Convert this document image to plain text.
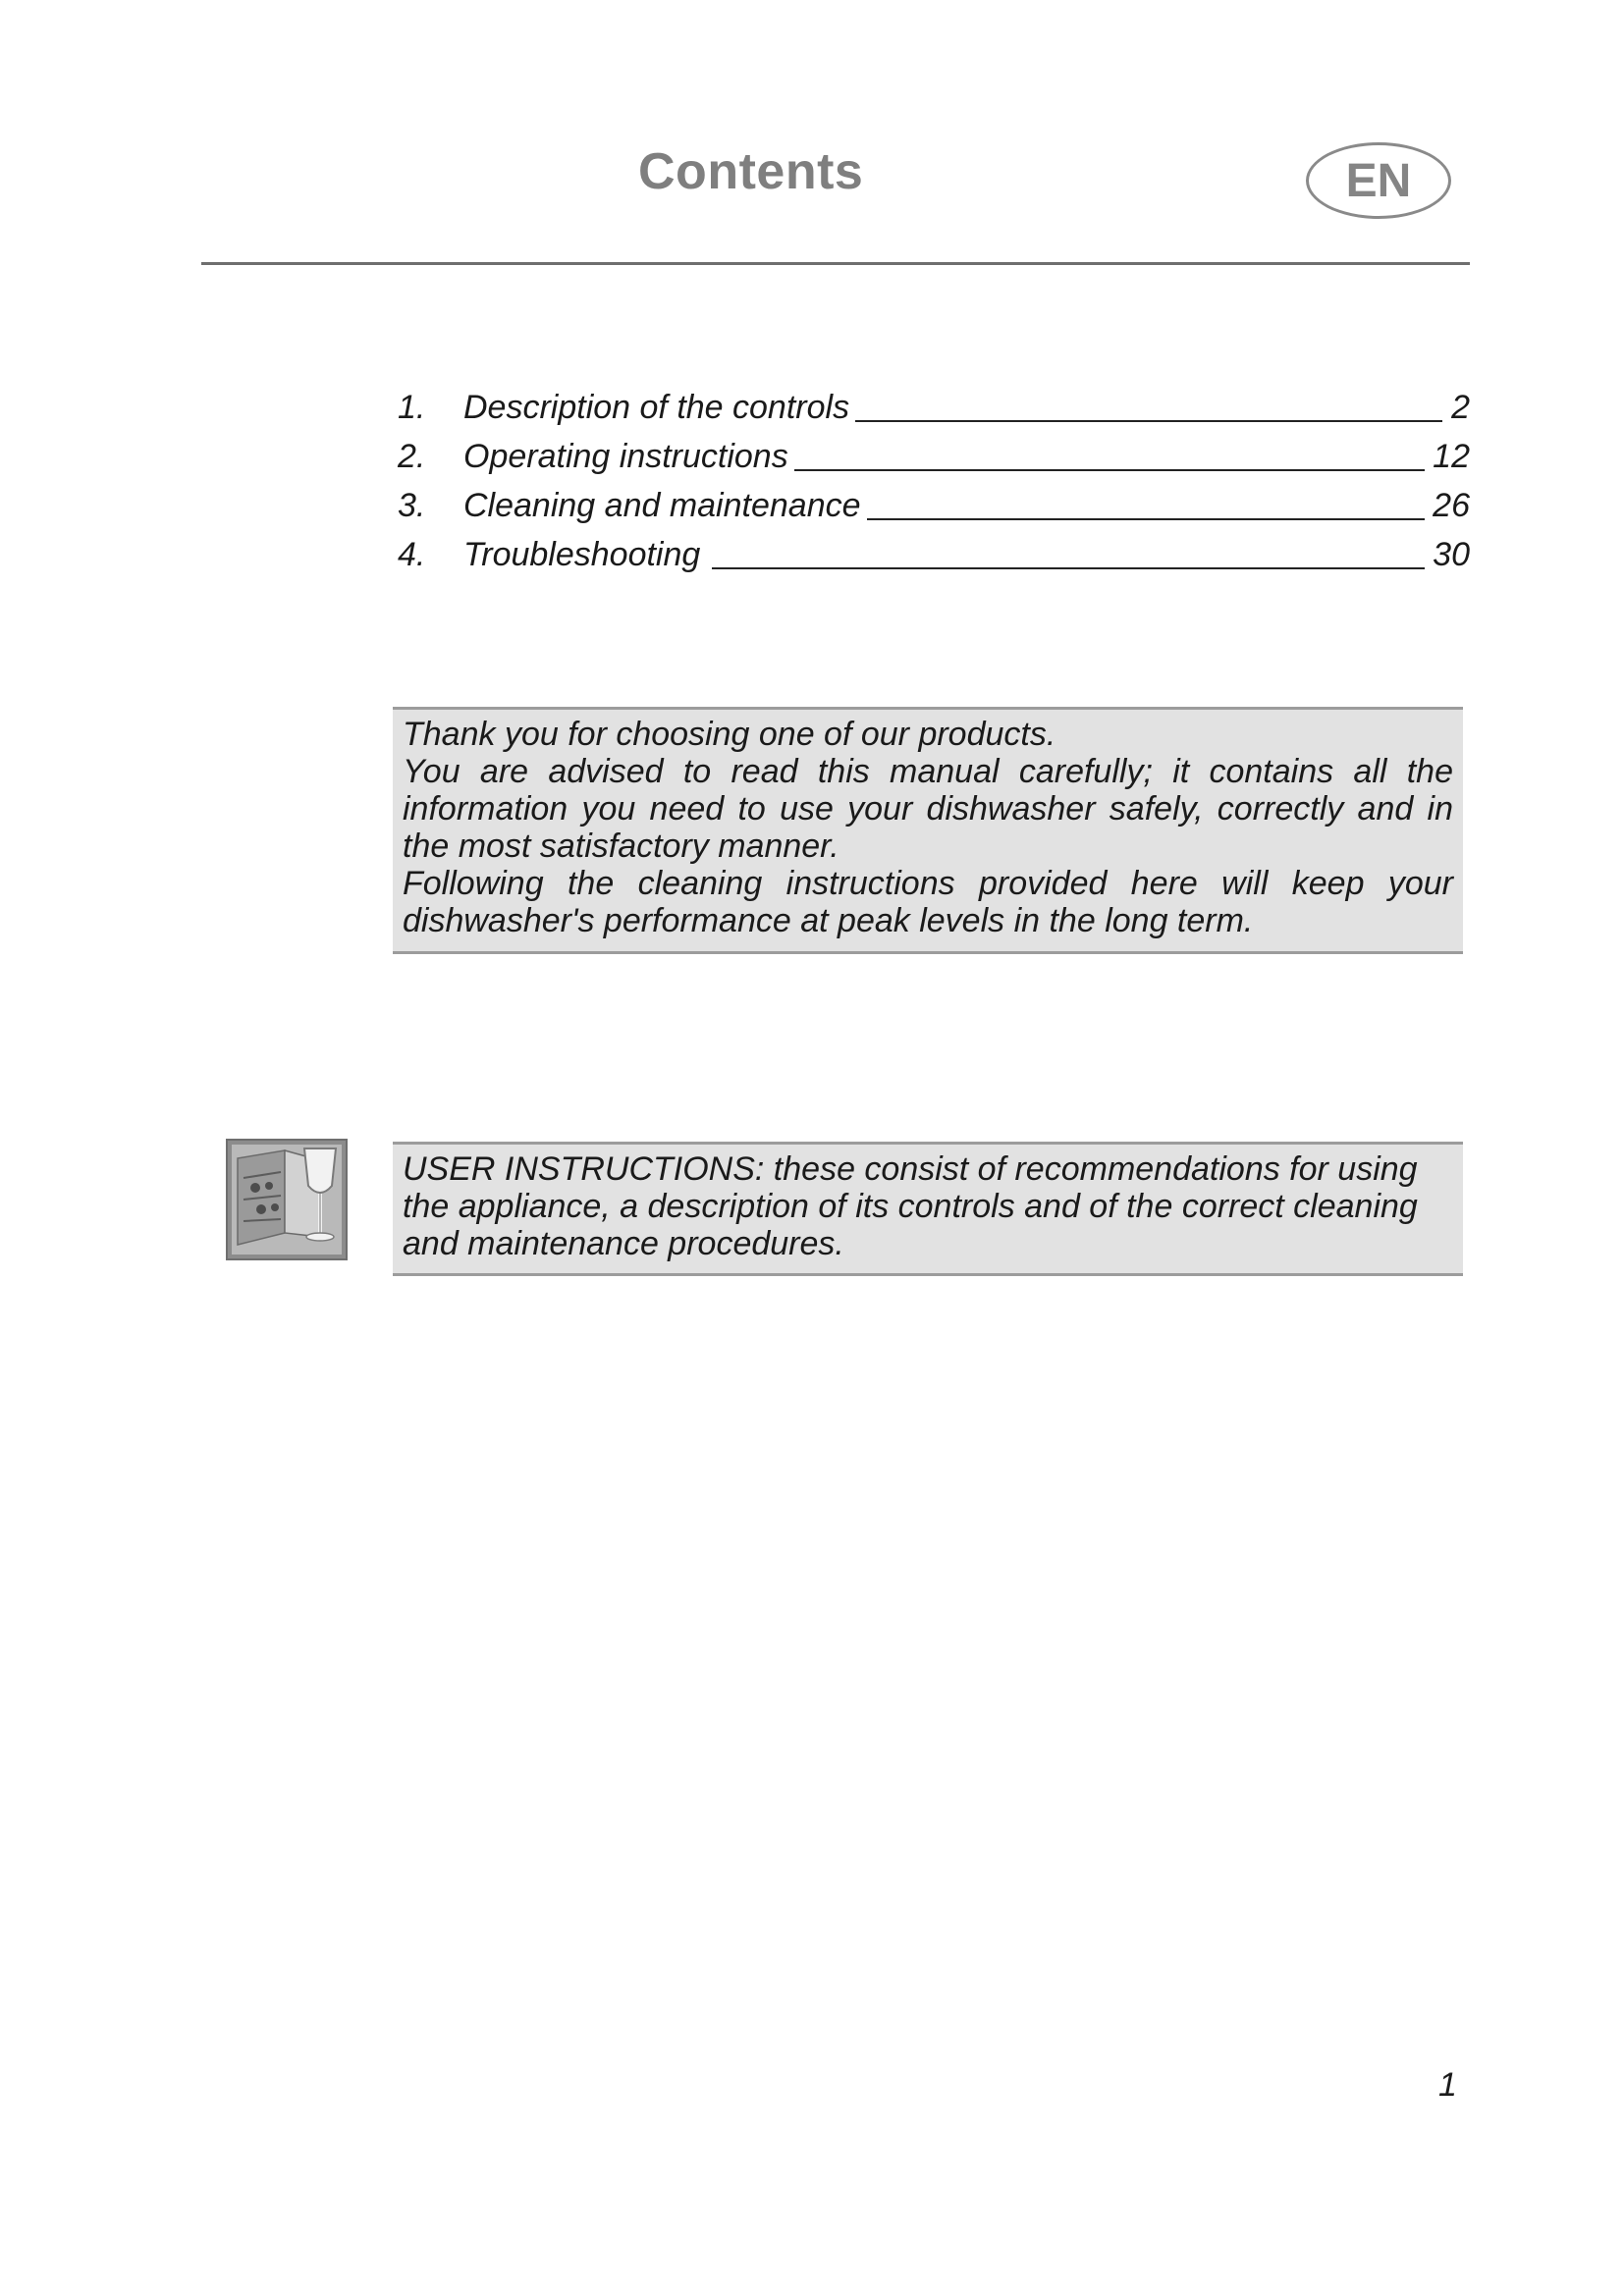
Contents	EN
1. Description of the controls	2
2. Operating instructions	12
3. Cleaning and maintenance	26
4. Troubleshooting	30

Thank you for choosing one of our products.

You are advised to read this manual carefully; it contains all the information you need to use your dishwasher safely, correctly and in the most satisfactory manner.

Following the cleaning instructions provided here will keep your dishwasher's performance at peak levels in the long term.

USER INSTRUCTIONS: these consist of recommendations for using the appliance, a description of its controls and of the correct cleaning and maintenance procedures.

1
